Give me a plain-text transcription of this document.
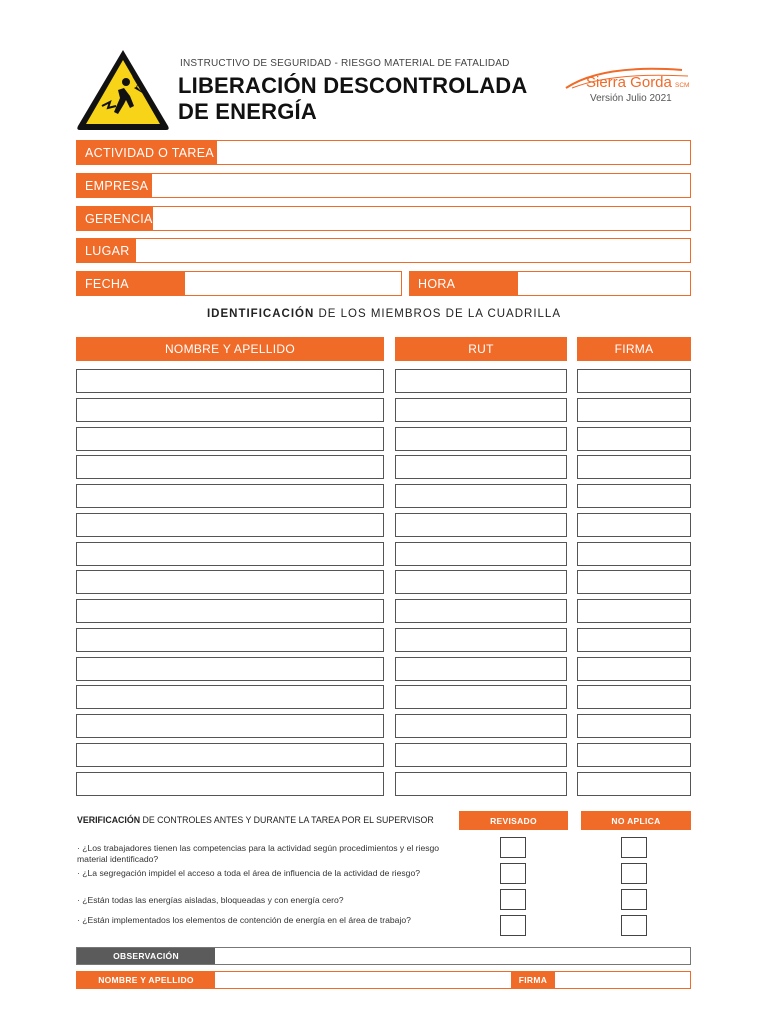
INSTRUCTIVO DE SEGURIDAD - RIESGO MATERIAL DE FATALIDAD
LIBERACIÓN DESCONTROLADA
DE ENERGÍA
Sierra Gorda SCM
Versión Julio 2021
ACTIVIDAD O TAREA
EMPRESA
GERENCIA
LUGAR
FECHA	HORA
IDENTIFICACIÓN DE LOS MIEMBROS DE LA CUADRILLA
NOMBRE Y APELLIDO	RUT	FIRMA
VERIFICACIÓN DE CONTROLES ANTES Y DURANTE LA TAREA POR EL SUPERVISOR	REVISADO	NO APLICA
· ¿Los trabajadores tienen las competencias para la actividad según procedimientos y el riesgo material identificado?
· ¿La segregación impidel el acceso a toda el área de influencia de la actividad de riesgo?
· ¿Están todas las energías aisladas, bloqueadas y con energía cero?
· ¿Están implementados los elementos de contención de energía en el área de trabajo?
OBSERVACIÓN
NOMBRE Y APELLIDO	FIRMA
